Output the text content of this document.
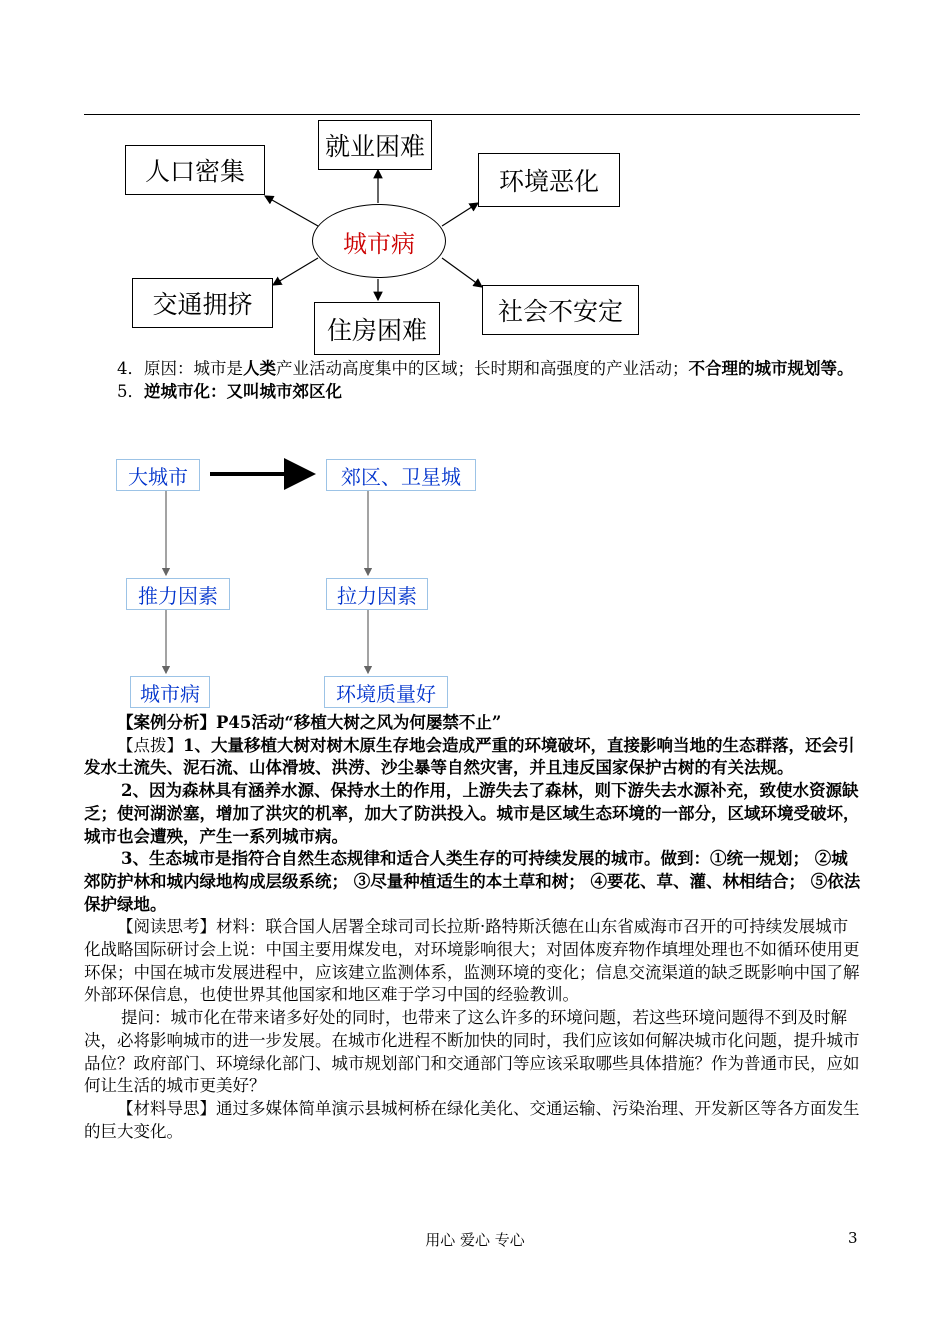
就业困难
人口密集	环境恶化
城市病
交通拥挤
住房困难
社会不安定

4．原因：城市是人类产业活动高度集中的区域；长时期和高强度的产业活动；不合理的城市规划等。

5．逆城市化：又叫城市郊区化

大城市	郊区、卫星城
推力因素	拉力因素
城市病	环境质量好

【案例分析】P45活动“移植大树之风为何屡禁不止”

【点拨】1、大量移植大树对树木原生存地会造成严重的环境破坏，直接影响当地的生态群落，还会引发水土流失、泥石流、山体滑坡、洪涝、沙尘暴等自然灾害，并且违反国家保护古树的有关法规。

2、因为森林具有涵养水源、保持水土的作用，上游失去了森林，则下游失去水源补充，致使水资源缺乏；使河湖淤塞，增加了洪灾的机率，加大了防洪投入。城市是区域生态环境的一部分，区域环境受破坏，城市也会遭殃，产生一系列城市病。

3、生态城市是指符合自然生态规律和适合人类生存的可持续发展的城市。做到：①统一规划； ②城郊防护林和城内绿地构成层级系统； ③尽量种植适生的本土草和树； ④要花、草、灌、林相结合； ⑤依法保护绿地。

【阅读思考】材料：联合国人居署全球司司长拉斯·路特斯沃德在山东省威海市召开的可持续发展城市化战略国际研讨会上说：中国主要用煤发电，对环境影响很大；对固体废弃物作填埋处理也不如循环使用更环保；中国在城市发展进程中，应该建立监测体系，监测环境的变化；信息交流渠道的缺乏既影响中国了解外部环保信息，也使世界其他国家和地区难于学习中国的经验教训。

提问：城市化在带来诸多好处的同时，也带来了这么许多的环境问题，若这些环境问题得不到及时解决，必将影响城市的进一步发展。在城市化进程不断加快的同时，我们应该如何解决城市化问题，提升城市品位？政府部门、环境绿化部门、城市规划部门和交通部门等应该采取哪些具体措施？作为普通市民，应如何让生活的城市更美好？

【材料导思】通过多媒体简单演示县城柯桥在绿化美化、交通运输、污染治理、开发新区等各方面发生的巨大变化。

用心 爱心 专心	3
